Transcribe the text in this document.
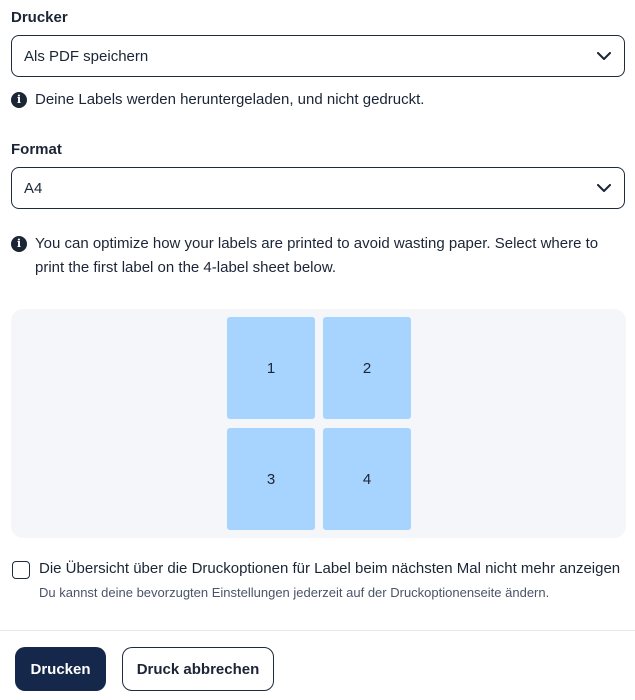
Drucker
Als PDF speichern
i Deine Labels werden heruntergeladen, und nicht gedruckt.
Format
A4
i You can optimize how your labels are printed to avoid wasting paper. Select where to print the first label on the 4-label sheet below.
1	2
3	4
Die Übersicht über die Druckoptionen für Label beim nächsten Mal nicht mehr anzeigen
Du kannst deine bevorzugten Einstellungen jederzeit auf der Druckoptionenseite ändern.
Drucken	Druck abbrechen
